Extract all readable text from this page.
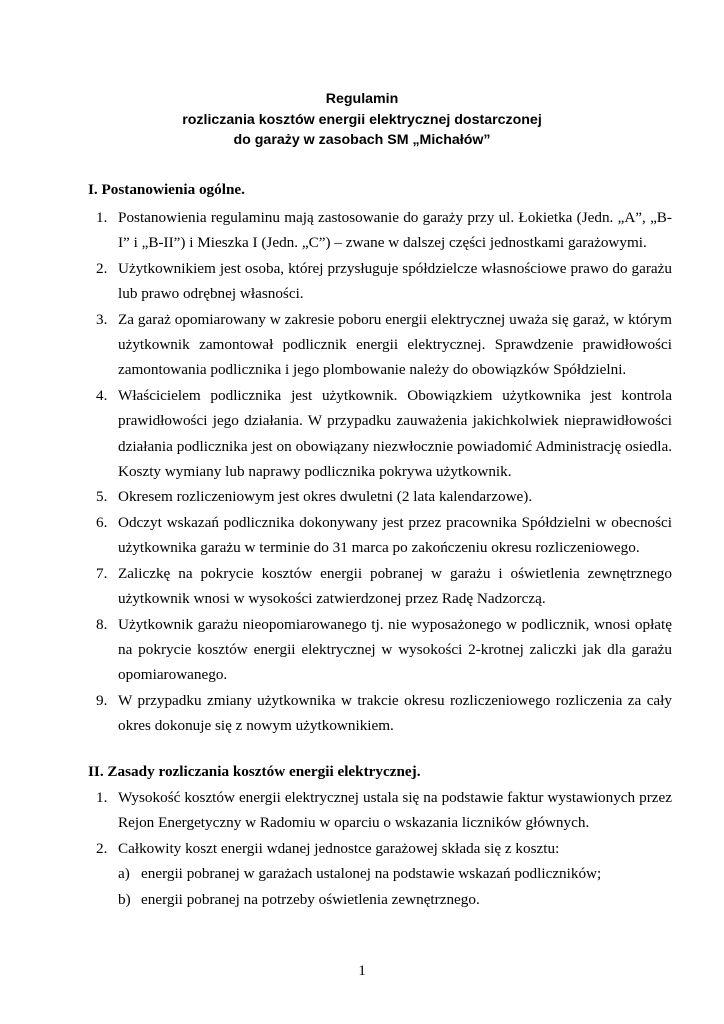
Regulamin
rozliczania kosztów energii elektrycznej dostarczonej
do garaży w zasobach SM „Michałów”
I. Postanowienia ogólne.
1. Postanowienia regulaminu mają zastosowanie do garaży przy ul. Łokietka (Jedn. „A”, „B-I” i „B-II”) i Mieszka I (Jedn. „C”) – zwane w dalszej części jednostkami garażowymi.
2. Użytkownikiem jest osoba, której przysługuje spółdzielcze własnościowe prawo do garażu lub prawo odrębnej własności.
3. Za garaż opomiarowany w zakresie poboru energii elektrycznej uważa się garaż, w którym użytkownik zamontował podlicznik energii elektrycznej. Sprawdzenie prawidłowości zamontowania podlicznika i jego plombowanie należy do obowiązków Spółdzielni.
4. Właścicielem podlicznika jest użytkownik. Obowiązkiem użytkownika jest kontrola prawidłowości jego działania. W przypadku zauważenia jakichkolwiek nieprawidłowości działania podlicznika jest on obowiązany niezwłocznie powiadomić Administrację osiedla. Koszty wymiany lub naprawy podlicznika pokrywa użytkownik.
5. Okresem rozliczeniowym jest okres dwuletni (2 lata kalendarzowe).
6. Odczyt wskazań podlicznika dokonywany jest przez pracownika Spółdzielni w obecności użytkownika garażu w terminie do 31 marca po zakończeniu okresu rozliczeniowego.
7. Zaliczkę na pokrycie kosztów energii pobranej w garażu i oświetlenia zewnętrznego użytkownik wnosi w wysokości zatwierdzonej przez Radę Nadzorczą.
8. Użytkownik garażu nieopomiarowanego tj. nie wyposażonego w podlicznik, wnosi opłatę na pokrycie kosztów energii elektrycznej w wysokości 2-krotnej zaliczki jak dla garażu opomiarowanego.
9. W przypadku zmiany użytkownika w trakcie okresu rozliczeniowego rozliczenia za cały okres dokonuje się z nowym użytkownikiem.
II. Zasady rozliczania kosztów energii elektrycznej.
1. Wysokość kosztów energii elektrycznej ustala się na podstawie faktur wystawionych przez Rejon Energetyczny w Radomiu w oparciu o wskazania liczników głównych.
2. Całkowity koszt energii wdanej jednostce garażowej składa się z kosztu:
a) energii pobranej w garażach ustalonej na podstawie wskazań podliczników;
b) energii pobranej na potrzeby oświetlenia zewnętrznego.
1
